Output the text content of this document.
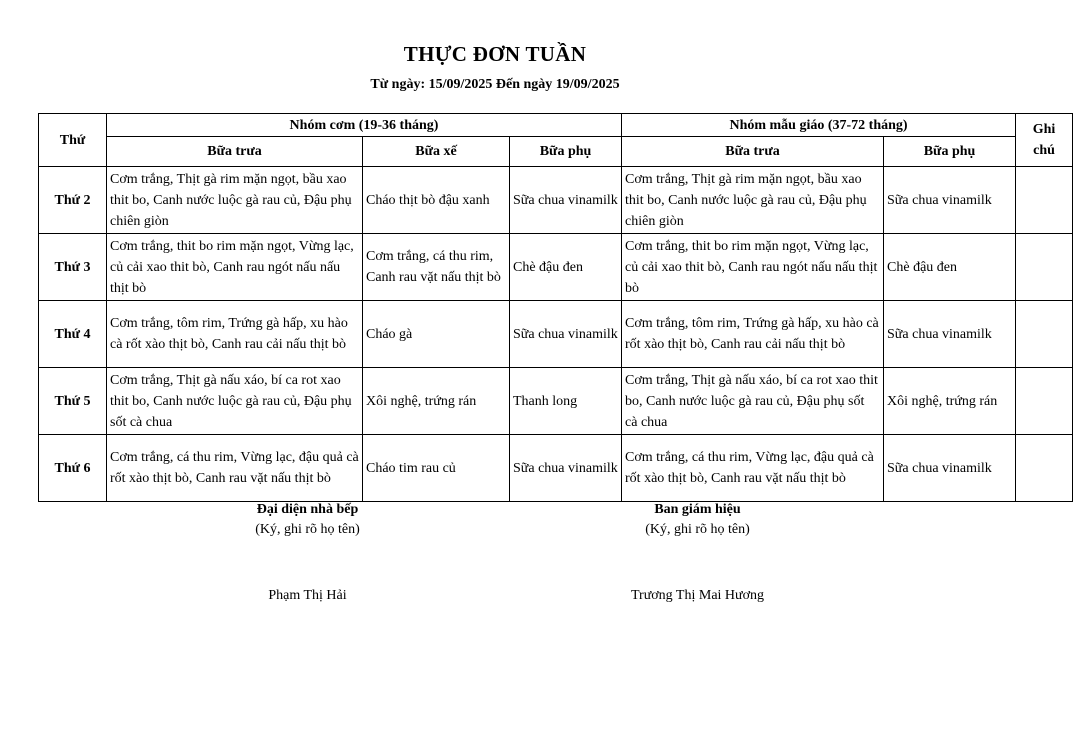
THỰC ĐƠN TUẦN
Từ ngày: 15/09/2025 Đến ngày 19/09/2025
Thứ	Nhóm cơm (19-36 tháng)			Nhóm mẫu giáo (37-72 tháng)		Ghi chú
	Bữa trưa	Bữa xế	Bữa phụ	Bữa trưa	Bữa phụ	
Thứ 2	Cơm trắng, Thịt gà rim mặn ngọt, bầu xao thit bo, Canh nước luộc gà rau củ, Đậu phụ chiên giòn	Cháo thịt bò đậu xanh	Sữa chua vinamilk	Cơm trắng, Thịt gà rim mặn ngọt, bầu xao thit bo, Canh nước luộc gà rau củ, Đậu phụ chiên giòn	Sữa chua vinamilk	
Thứ 3	Cơm trắng, thit bo rim mặn ngọt, Vừng lạc, củ cải xao thit bò, Canh rau ngót nấu nấu thịt bò	Cơm trắng, cá thu rim, Canh rau vặt nấu thịt bò	Chè đậu đen	Cơm trắng, thit bo rim mặn ngọt, Vừng lạc, củ cải xao thit bò, Canh rau ngót nấu nấu thịt bò	Chè đậu đen	
Thứ 4	Cơm trắng, tôm rim, Trứng gà hấp, xu hào cà rốt xào thịt bò, Canh rau cải nấu thịt bò	Cháo gà	Sữa chua vinamilk	Cơm trắng, tôm rim, Trứng gà hấp, xu hào cà rốt xào thịt bò, Canh rau cải nấu thịt bò	Sữa chua vinamilk	
Thứ 5	Cơm trắng, Thịt gà nấu xáo, bí ca rot xao thit bo, Canh nước luộc gà rau củ, Đậu phụ sốt cà chua	Xôi nghệ, trứng rán	Thanh long	Cơm trắng, Thịt gà nấu xáo, bí ca rot xao thit bo, Canh nước luộc gà rau củ, Đậu phụ sốt cà chua	Xôi nghệ, trứng rán	
Thứ 6	Cơm trắng, cá thu rim, Vừng lạc, đậu quả cà rốt xào thịt bò, Canh rau vặt nấu thịt bò	Cháo tim rau củ	Sữa chua vinamilk	Cơm trắng, cá thu rim, Vừng lạc, đậu quả cà rốt xào thịt bò, Canh rau vặt nấu thịt bò	Sữa chua vinamilk	
Đại diện nhà bếp
(Ký, ghi rõ họ tên)
Phạm Thị Hải
Ban giám hiệu
(Ký, ghi rõ họ tên)
Trương Thị Mai Hương
